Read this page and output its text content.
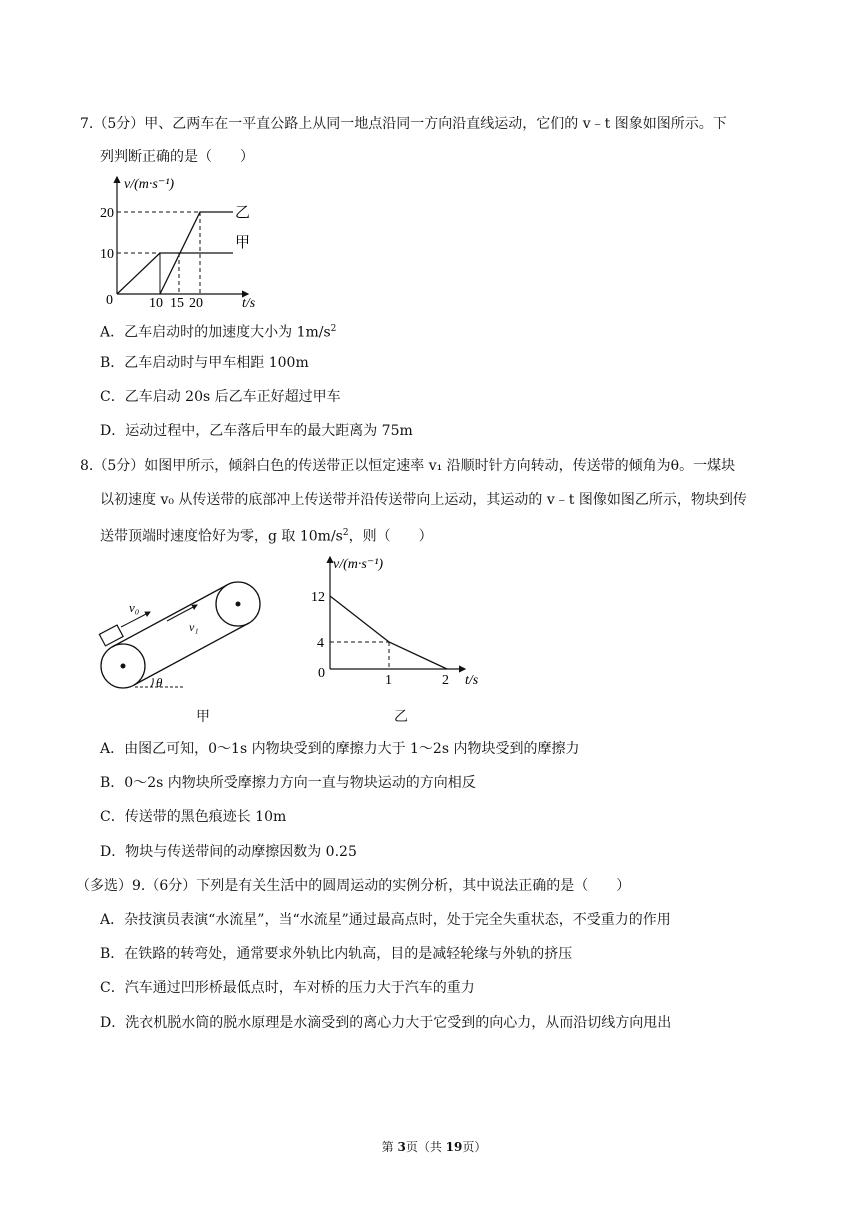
7.（5分）甲、乙两车在一平直公路上从同一地点沿同一方向沿直线运动，它们的 v﹣t 图象如图所示。下
列判断正确的是（　　）
v/(m·s⁻¹)
t/s
0
20
10
10 15 20
乙
甲
A．乙车启动时的加速度大小为 $1m/s^2$
B．乙车启动时与甲车相距 100m
C．乙车启动 20s 后乙车正好超过甲车
D．运动过程中，乙车落后甲车的最大距离为 75m
8.（5分）如图甲所示，倾斜白色的传送带正以恒定速率 v₁ 沿顺时针方向转动，传送带的倾角为θ。一煤块
以初速度 v₀ 从传送带的底部冲上传送带并沿传送带向上运动，其运动的 v﹣t 图像如图乙所示，物块到传
送带顶端时速度恰好为零，g 取 $10m/s^2$，则（　　）
v₀
v₁
θ
甲
v/(m·s⁻¹)
t/s
12
4
0	1	2
乙
A．由图乙可知，0～1s 内物块受到的摩擦力大于 1～2s 内物块受到的摩擦力
B．0～2s 内物块所受摩擦力方向一直与物块运动的方向相反
C．传送带的黑色痕迹长 10m
D．物块与传送带间的动摩擦因数为 0.25
（多选）9.（6分）下列是有关生活中的圆周运动的实例分析，其中说法正确的是（　　）
A．杂技演员表演“水流星”，当“水流星”通过最高点时，处于完全失重状态，不受重力的作用
B．在铁路的转弯处，通常要求外轨比内轨高，目的是减轻轮缘与外轨的挤压
C．汽车通过凹形桥最低点时，车对桥的压力大于汽车的重力
D．洗衣机脱水筒的脱水原理是水滴受到的离心力大于它受到的向心力，从而沿切线方向甩出
第 3页（共 19页）
